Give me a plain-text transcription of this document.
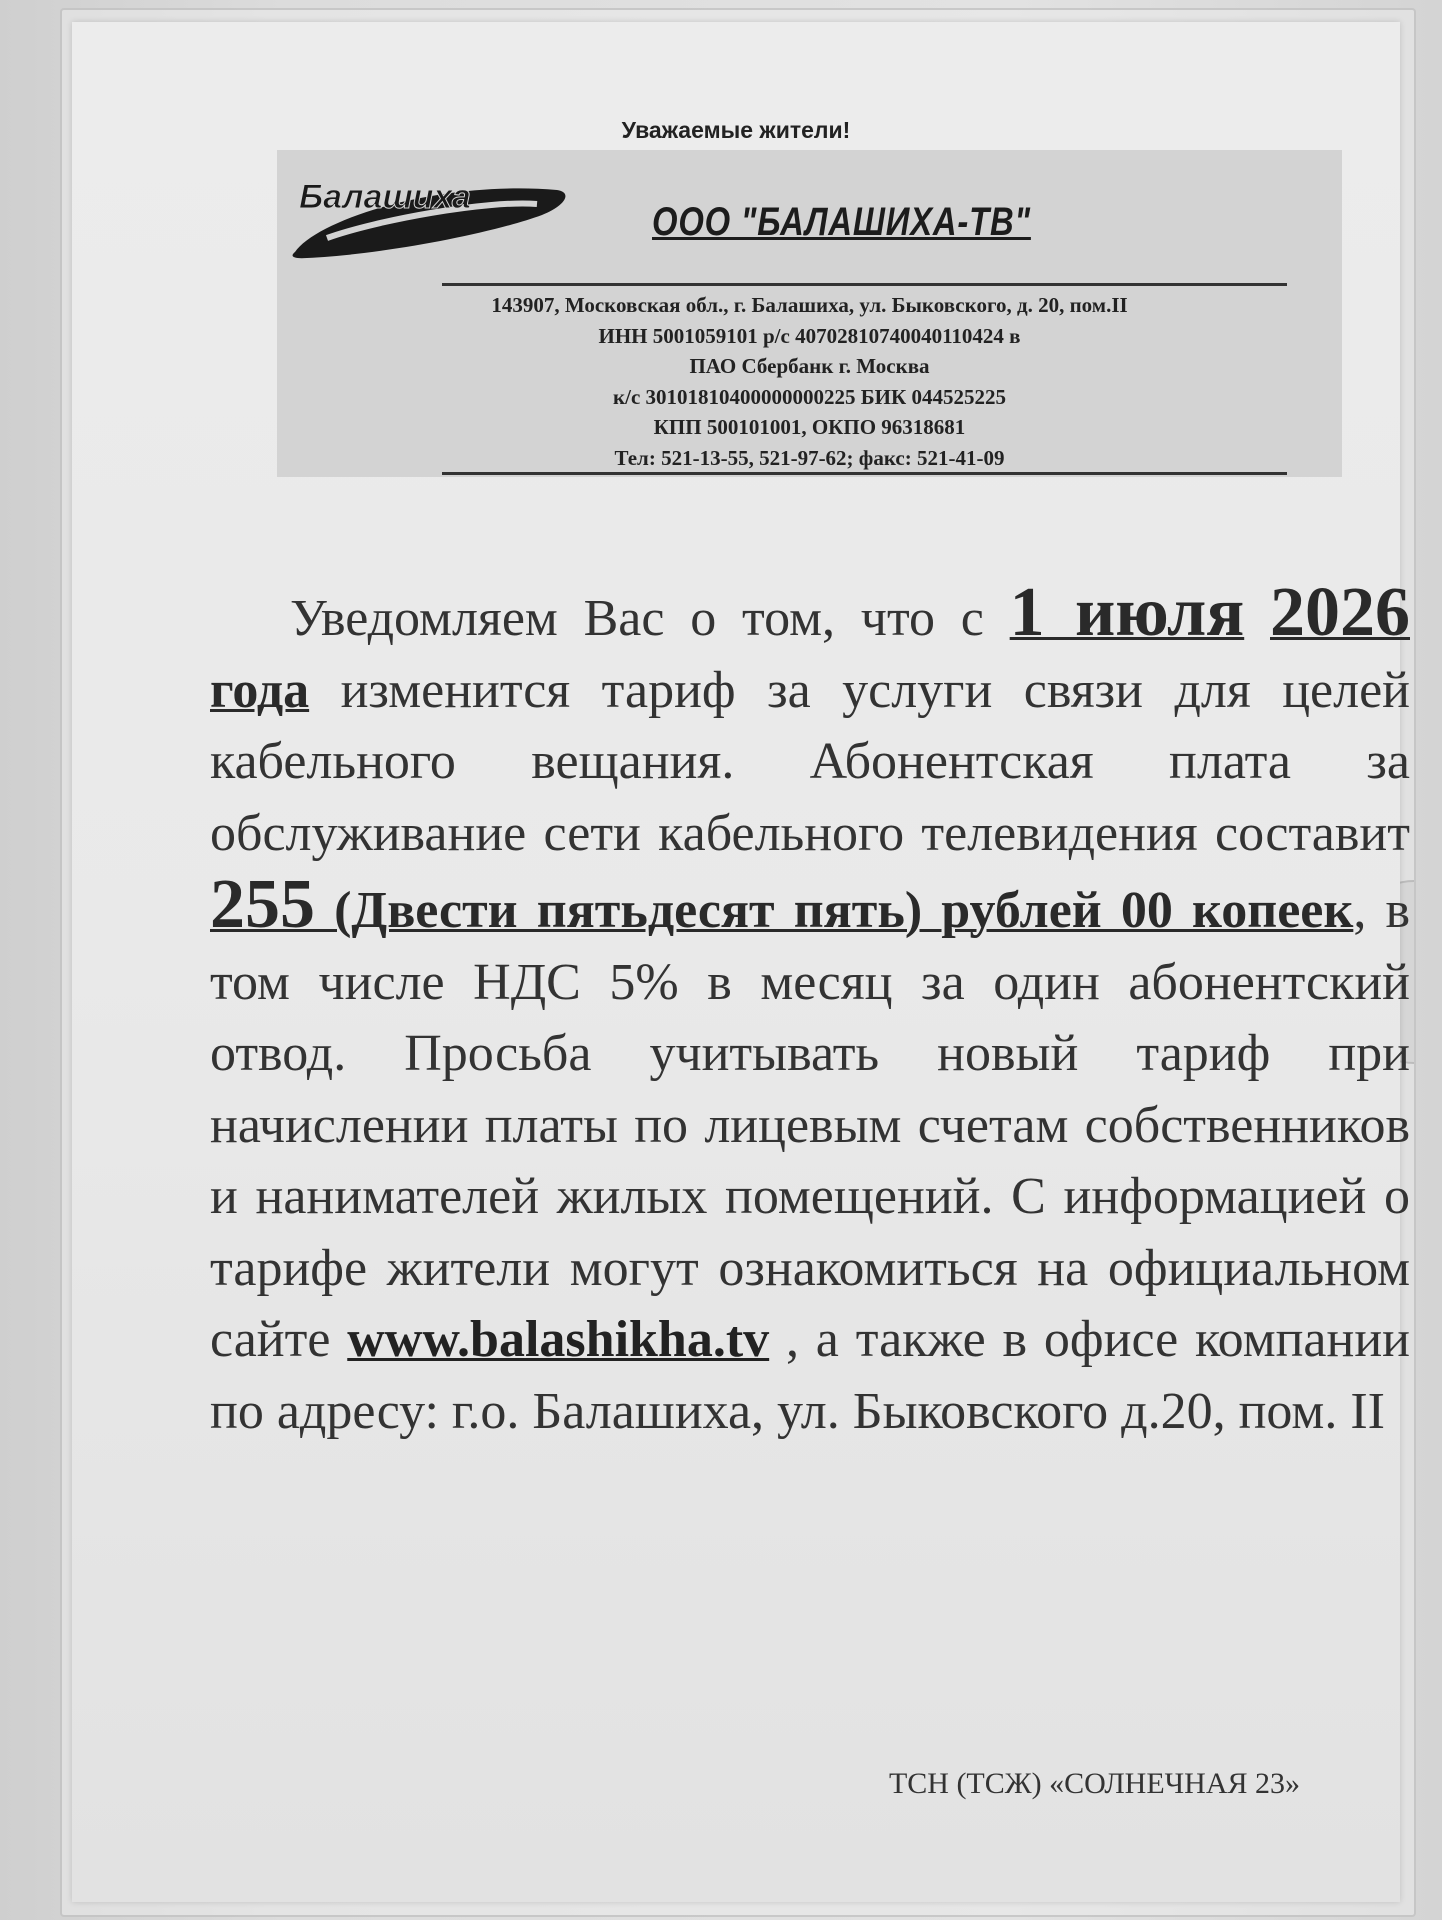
Уважаемые жители!
Балашиха
ООО "БАЛАШИХА-ТВ"
143907, Московская обл., г. Балашиха, ул. Быковского, д. 20, пом.II
ИНН 5001059101 р/с 40702810740040110424 в
ПАО Сбербанк г. Москва
к/с 30101810400000000225 БИК 044525225
КПП 500101001, ОКПО 96318681
Тел: 521-13-55, 521-97-62; факс: 521-41-09
Уведомляем Вас о том, что с 1 июля 2026 года изменится тариф за услуги связи для целей кабельного вещания. Абонентская плата за обслуживание сети кабельного телевидения составит 255 (Двести пятьдесят пять) рублей 00 копеек, в том числе НДС 5% в месяц за один абонентский отвод. Просьба учитывать новый тариф при начислении платы по лицевым счетам собственников и нанимателей жилых помещений. С информацией о тарифе жители могут ознакомиться на официальном сайте www.balashikha.tv , а также в офисе компании по адресу: г.о. Балашиха, ул. Быковского д.20, пом. II
ТСН (ТСЖ) «СОЛНЕЧНАЯ 23»
